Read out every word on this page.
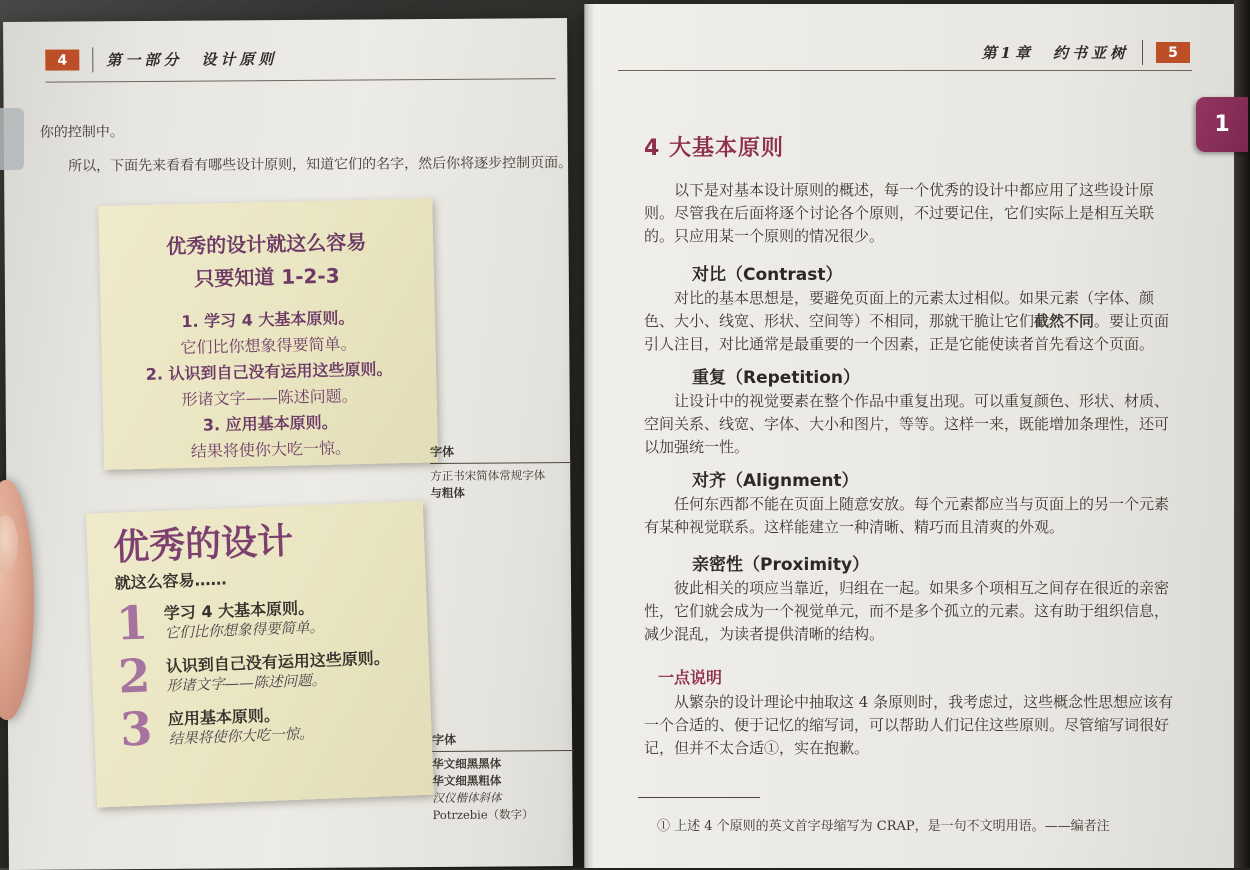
4	第一部分　设计原则

你的控制中。

所以，下面先来看看有哪些设计原则，知道它们的名字，然后你将逐步控制页面。

优秀的设计就这么容易
只要知道 1-2-3
1. 学习 4 大基本原则。
它们比你想象得要简单。
2. 认识到自己没有运用这些原则。
形诸文字——陈述问题。
3. 应用基本原则。
结果将使你大吃一惊。	字体
方正书宋简体常规字体
与粗体
优秀的设计
就这么容易……
1 学习 4 大基本原则。
它们比你想象得要简单。
2 认识到自己没有运用这些原则。
形诸文字——陈述问题。
3 应用基本原则。
结果将使你大吃一惊。	字体
华文细黑黑体
华文细黑粗体
汉仪楷体斜体
Potrzebie（数字）
第1章　约书亚树	5
4 大基本原则

以下是对基本设计原则的概述，每一个优秀的设计中都应用了这些设计原则。尽管我在后面将逐个讨论各个原则，不过要记住，它们实际上是相互关联的。只应用某一个原则的情况很少。

对比（Contrast）

对比的基本思想是，要避免页面上的元素太过相似。如果元素（字体、颜色、大小、线宽、形状、空间等）不相同，那就干脆让它们截然不同。要让页面引人注目，对比通常是最重要的一个因素，正是它能使读者首先看这个页面。

重复（Repetition）

让设计中的视觉要素在整个作品中重复出现。可以重复颜色、形状、材质、空间关系、线宽、字体、大小和图片，等等。这样一来，既能增加条理性，还可以加强统一性。

对齐（Alignment）

任何东西都不能在页面上随意安放。每个元素都应当与页面上的另一个元素有某种视觉联系。这样能建立一种清晰、精巧而且清爽的外观。

亲密性（Proximity）

彼此相关的项应当靠近，归组在一起。如果多个项相互之间存在很近的亲密性，它们就会成为一个视觉单元，而不是多个孤立的元素。这有助于组织信息，减少混乱，为读者提供清晰的结构。

一点说明

从繁杂的设计理论中抽取这 4 条原则时，我考虑过，这些概念性思想应该有一个合适的、便于记忆的缩写词，可以帮助人们记住这些原则。尽管缩写词很好记，但并不太合适①，实在抱歉。

① 上述 4 个原则的英文首字母缩写为 CRAP，是一句不文明用语。——编者注

1
